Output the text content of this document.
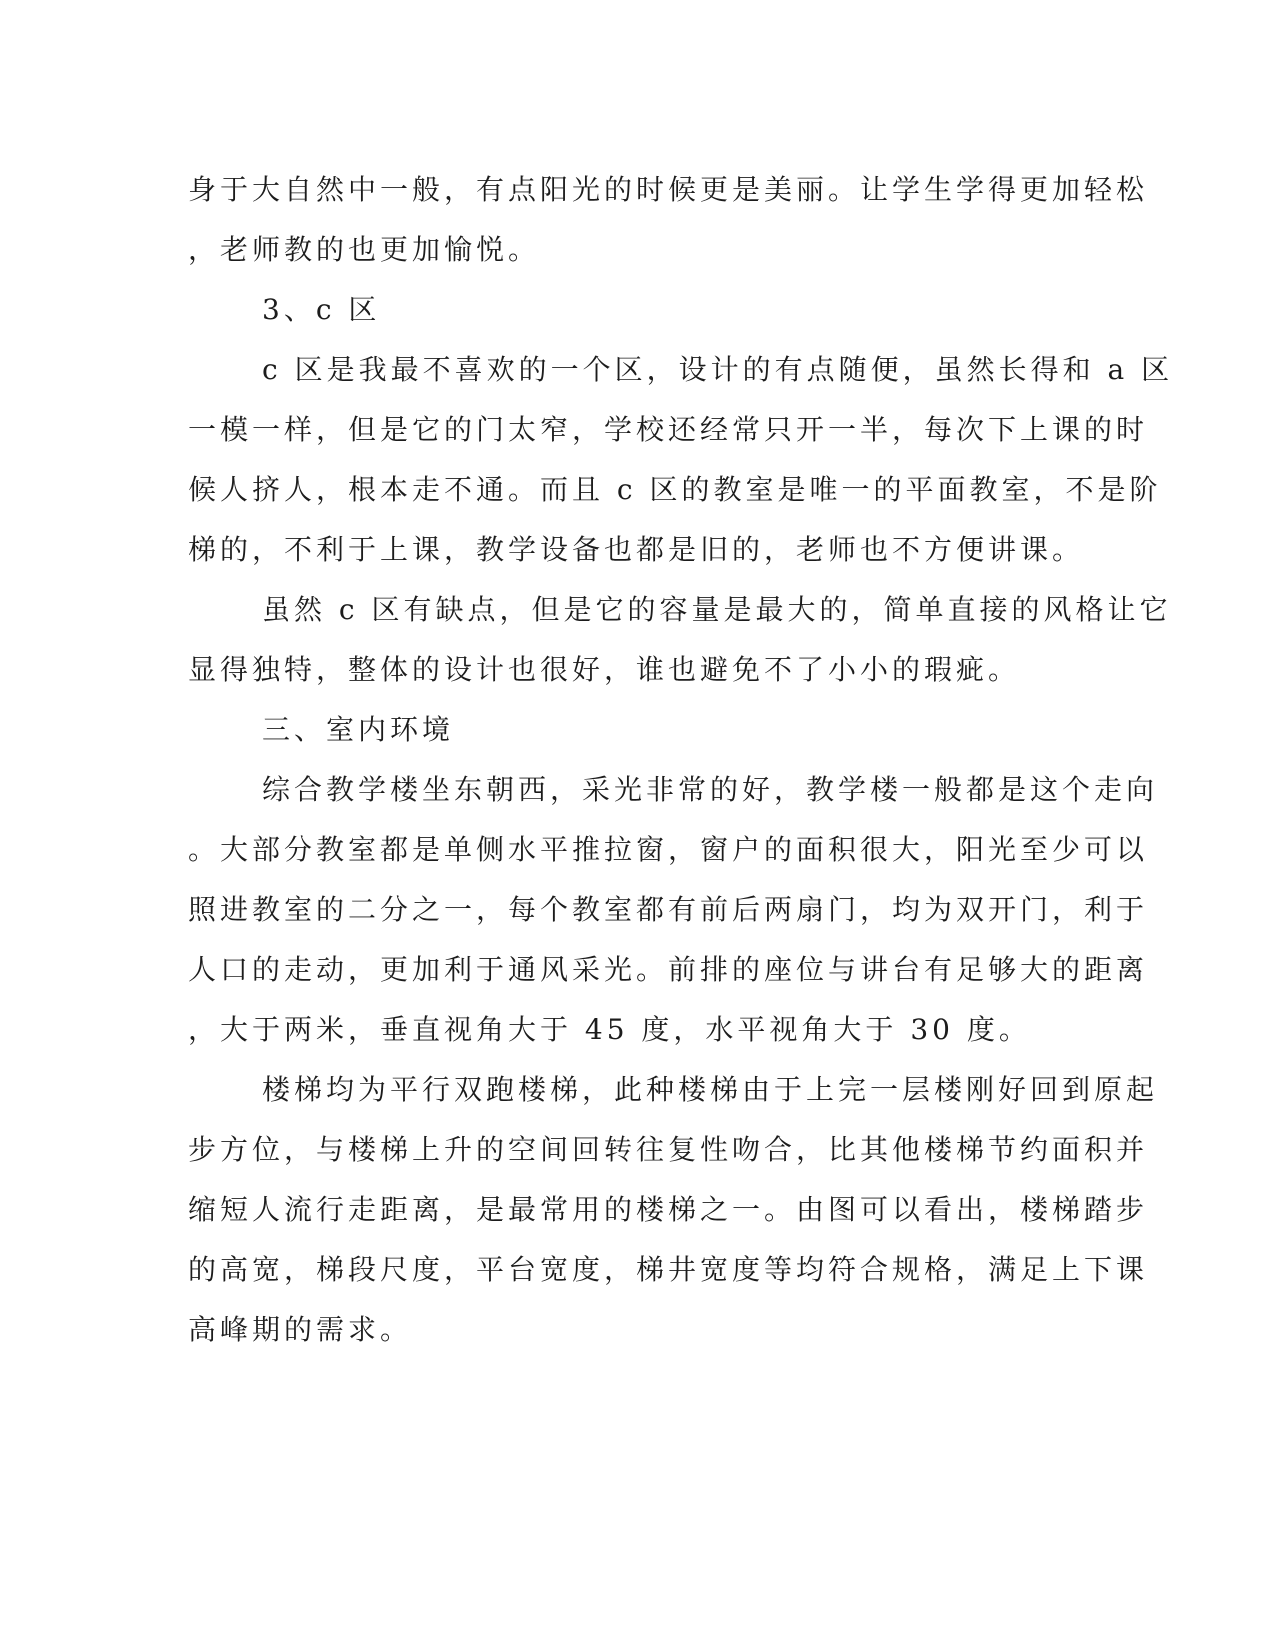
身于大自然中一般，有点阳光的时候更是美丽。让学生学得更加轻松
，老师教的也更加愉悦。
3、c 区
c 区是我最不喜欢的一个区，设计的有点随便，虽然长得和 a 区
一模一样，但是它的门太窄，学校还经常只开一半，每次下上课的时
候人挤人，根本走不通。而且 c 区的教室是唯一的平面教室，不是阶
梯的，不利于上课，教学设备也都是旧的，老师也不方便讲课。
虽然 c 区有缺点，但是它的容量是最大的，简单直接的风格让它
显得独特，整体的设计也很好，谁也避免不了小小的瑕疵。
三、室内环境
综合教学楼坐东朝西，采光非常的好，教学楼一般都是这个走向
。大部分教室都是单侧水平推拉窗，窗户的面积很大，阳光至少可以
照进教室的二分之一，每个教室都有前后两扇门，均为双开门，利于
人口的走动，更加利于通风采光。前排的座位与讲台有足够大的距离
，大于两米，垂直视角大于 45 度，水平视角大于 30 度。
楼梯均为平行双跑楼梯，此种楼梯由于上完一层楼刚好回到原起
步方位，与楼梯上升的空间回转往复性吻合，比其他楼梯节约面积并
缩短人流行走距离，是最常用的楼梯之一。由图可以看出，楼梯踏步
的高宽，梯段尺度，平台宽度，梯井宽度等均符合规格，满足上下课
高峰期的需求。
